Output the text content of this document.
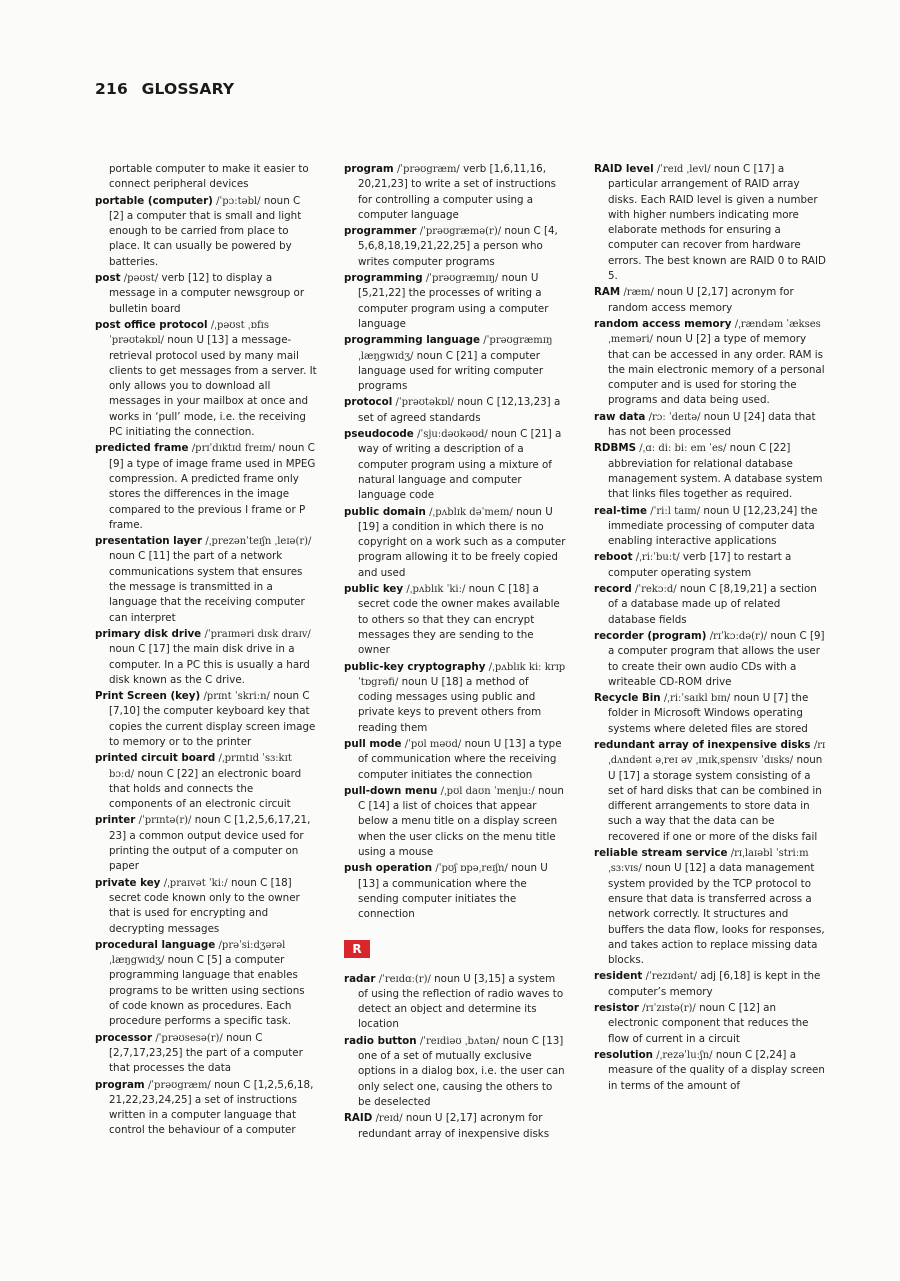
216 GLOSSARY

portable computer to make it easier to connect peripheral devices

portable (computer) /ˈpɔːtəbl/ noun C [2] a computer that is small and light enough to be carried from place to place. It can usually be powered by batteries.

post /pəʊst/ verb [12] to display a message in a computer newsgroup or bulletin board

post office protocol /ˌpəʊst ˌɒfɪs ˈprəʊtəkɒl/ noun U [13] a message-retrieval protocol used by many mail clients to get messages from a server. It only allows you to download all messages in your mailbox at once and works in ‘pull’ mode, i.e. the receiving PC initiating the connection.

predicted frame /prɪˈdɪktɪd freɪm/ noun C [9] a type of image frame used in MPEG compression. A predicted frame only stores the differences in the image compared to the previous I frame or P frame.

presentation layer /ˌprezənˈteɪʃn ˌleɪə(r)/ noun C [11] the part of a network communications system that ensures the message is transmitted in a language that the receiving computer can interpret

primary disk drive /ˈpraɪməri dɪsk draɪv/ noun C [17] the main disk drive in a computer. In a PC this is usually a hard disk known as the C drive.

Print Screen (key) /prɪnt ˈskriːn/ noun C [7,10] the computer keyboard key that copies the current display screen image to memory or to the printer

printed circuit board /ˌprɪntɪd ˈsɜːkɪt bɔːd/ noun C [22] an electronic board that holds and connects the components of an electronic circuit

printer /ˈprɪntə(r)/ noun C [1,2,5,6,17,21, 23] a common output device used for printing the output of a computer on paper

private key /ˌpraɪvət ˈkiː/ noun C [18] secret code known only to the owner that is used for encrypting and decrypting messages

procedural language /prəˈsiːdʒərəl ˌlæŋgwɪdʒ/ noun C [5] a computer programming language that enables programs to be written using sections of code known as procedures. Each procedure performs a specific task.

processor /ˈprəʊsesə(r)/ noun C [2,7,17,23,25] the part of a computer that processes the data

program /ˈprəʊgræm/ noun C [1,2,5,6,18, 21,22,23,24,25] a set of instructions written in a computer language that control the behaviour of a computer

program /ˈprəʊgræm/ verb [1,6,11,16, 20,21,23] to write a set of instructions for controlling a computer using a computer language

programmer /ˈprəʊgræmə(r)/ noun C [4, 5,6,8,18,19,21,22,25] a person who writes computer programs

programming /ˈprəʊgræmɪŋ/ noun U [5,21,22] the processes of writing a computer program using a computer language

programming language /ˈprəʊgræmɪŋ ˌlæŋgwɪdʒ/ noun C [21] a computer language used for writing computer programs

protocol /ˈprəʊtəkɒl/ noun C [12,13,23] a set of agreed standards

pseudocode /ˈsjuːdəʊkəʊd/ noun C [21] a way of writing a description of a computer program using a mixture of natural language and computer language code

public domain /ˌpʌblɪk dəˈmeɪn/ noun U [19] a condition in which there is no copyright on a work such as a computer program allowing it to be freely copied and used

public key /ˌpʌblɪk ˈkiː/ noun C [18] a secret code the owner makes available to others so that they can encrypt messages they are sending to the owner

public-key cryptography /ˌpʌblɪk kiː krɪpˈtɒgrəfi/ noun U [18] a method of coding messages using public and private keys to prevent others from reading them

pull mode /ˈpʊl məʊd/ noun U [13] a type of communication where the receiving computer initiates the connection

pull-down menu /ˌpʊl daʊn ˈmenjuː/ noun C [14] a list of choices that appear below a menu title on a display screen when the user clicks on the menu title using a mouse

push operation /ˈpʊʃ ɒpəˌreɪʃn/ noun U [13] a communication where the sending computer initiates the connection

R

radar /ˈreɪdɑː(r)/ noun U [3,15] a system of using the reflection of radio waves to detect an object and determine its location

radio button /ˈreɪdiəʊ ˌbʌtən/ noun C [13] one of a set of mutually exclusive options in a dialog box, i.e. the user can only select one, causing the others to be deselected

RAID /reɪd/ noun U [2,17] acronym for redundant array of inexpensive disks

RAID level /ˈreɪd ˌlevl/ noun C [17] a particular arrangement of RAID array disks. Each RAID level is given a number with higher numbers indicating more elaborate methods for ensuring a computer can recover from hardware errors. The best known are RAID 0 to RAID 5.

RAM /ræm/ noun U [2,17] acronym for random access memory

random access memory /ˌrændəm ˈækses ˌmeməri/ noun U [2] a type of memory that can be accessed in any order. RAM is the main electronic memory of a personal computer and is used for storing the programs and data being used.

raw data /rɔː ˈdeɪtə/ noun U [24] data that has not been processed

RDBMS /ˌɑː diː biː em ˈes/ noun C [22] abbreviation for relational database management system. A database system that links files together as required.

real-time /ˈriːl taɪm/ noun U [12,23,24] the immediate processing of computer data enabling interactive applications

reboot /ˌriːˈbuːt/ verb [17] to restart a computer operating system

record /ˈrekɔːd/ noun C [8,19,21] a section of a database made up of related database fields

recorder (program) /rɪˈkɔːdə(r)/ noun C [9] a computer program that allows the user to create their own audio CDs with a writeable CD-ROM drive

Recycle Bin /ˌriːˈsaɪkl bɪn/ noun U [7] the folder in Microsoft Windows operating systems where deleted files are stored

redundant array of inexpensive disks /rɪˌdʌndənt əˌreɪ əv ˌɪnɪkˌspensɪv ˈdɪsks/ noun U [17] a storage system consisting of a set of hard disks that can be combined in different arrangements to store data in such a way that the data can be recovered if one or more of the disks fail

reliable stream service /rɪˌlaɪəbl ˈstriːm ˌsɜːvɪs/ noun U [12] a data management system provided by the TCP protocol to ensure that data is transferred across a network correctly. It structures and buffers the data flow, looks for responses, and takes action to replace missing data blocks.

resident /ˈrezɪdənt/ adj [6,18] is kept in the computer’s memory

resistor /rɪˈzɪstə(r)/ noun C [12] an electronic component that reduces the flow of current in a circuit

resolution /ˌrezəˈluːʃn/ noun C [2,24] a measure of the quality of a display screen in terms of the amount of
